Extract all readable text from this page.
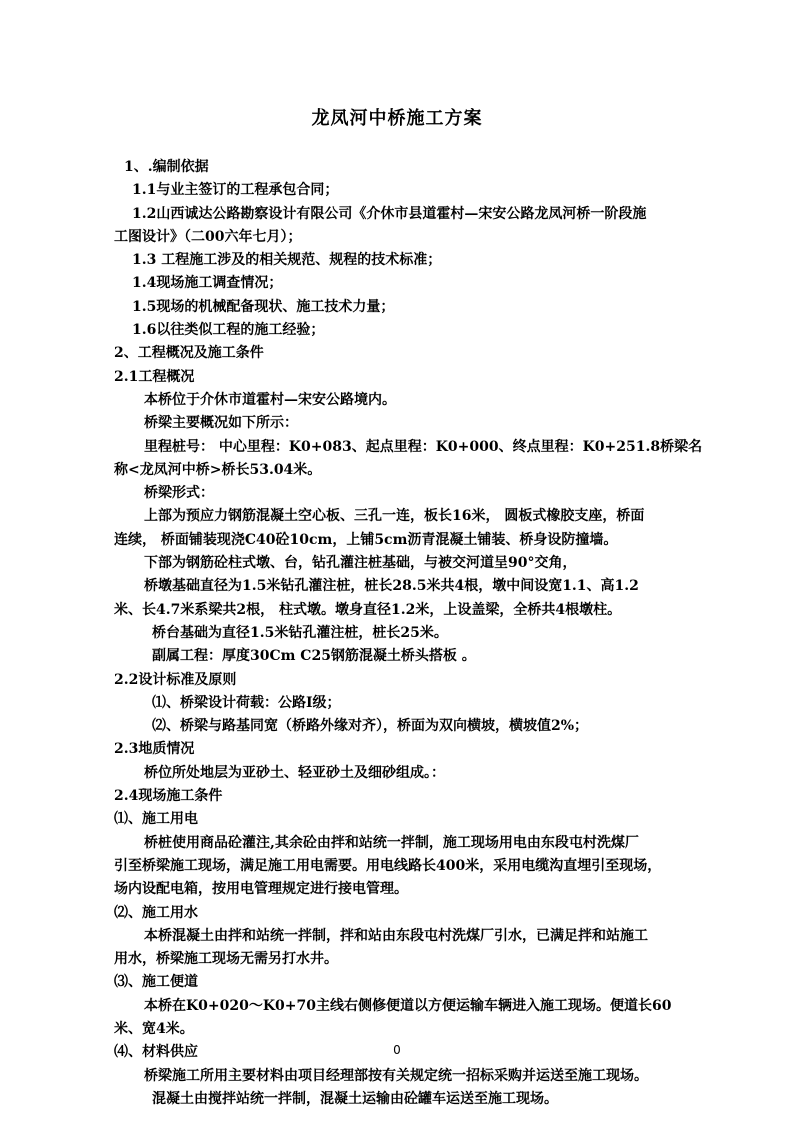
龙凤河中桥施工方案
1、.编制依据
1.1与业主签订的工程承包合同；
1.2山西诚达公路勘察设计有限公司《介休市县道霍村—宋安公路龙凤河桥一阶段施
工图设计》（二00六年七月）；
1.3 工程施工涉及的相关规范、规程的技术标准；
1.4现场施工调查情况；
1.5现场的机械配备现状、施工技术力量；
1.6以往类似工程的施工经验；
2、工程概况及施工条件
2.1工程概况
本桥位于介休市道霍村—宋安公路境内。
桥梁主要概况如下所示：
里程桩号： 中心里程：K0+083、起点里程：K0+000、终点里程：K0+251.8桥梁名
称<龙凤河中桥>桥长53.04米。
桥梁形式：
上部为预应力钢筋混凝土空心板、三孔一连，板长16米， 圆板式橡胶支座，桥面
连续， 桥面铺装现浇C40砼10cm，上铺5cm沥青混凝土铺装、桥身设防撞墙。
下部为钢筋砼柱式墩、台，钻孔灌注桩基础，与被交河道呈90°交角，
桥墩基础直径为1.5米钻孔灌注桩，桩长28.5米共4根，墩中间设宽1.1、高1.2
米、长4.7米系梁共2根， 柱式墩。墩身直径1.2米，上设盖梁，全桥共4根墩柱。
桥台基础为直径1.5米钻孔灌注桩，桩长25米。
副属工程：厚度30Cm C25钢筋混凝土桥头搭板 。
2.2设计标准及原则
⑴、桥梁设计荷载：公路Ⅰ级；
⑵、桥梁与路基同宽（桥路外缘对齐），桥面为双向横坡，横坡值2%；
2.3地质情况
桥位所处地层为亚砂土、轻亚砂土及细砂组成。：
2.4现场施工条件
⑴、施工用电
桥桩使用商品砼灌注,其余砼由拌和站统一拌制，施工现场用电由东段屯村洗煤厂
引至桥梁施工现场，满足施工用电需要。用电线路长400米，采用电缆沟直埋引至现场，
场内设配电箱，按用电管理规定进行接电管理。
⑵、施工用水
本桥混凝土由拌和站统一拌制，拌和站由东段屯村洗煤厂引水，已满足拌和站施工
用水，桥梁施工现场无需另打水井。
⑶、施工便道
本桥在K0+020～K0+70主线右侧修便道以方便运输车辆进入施工现场。便道长60
米、宽4米。
⑷、材料供应
桥梁施工所用主要材料由项目经理部按有关规定统一招标采购并运送至施工现场。
混凝土由搅拌站统一拌制，混凝土运输由砼罐车运送至施工现场。
0
